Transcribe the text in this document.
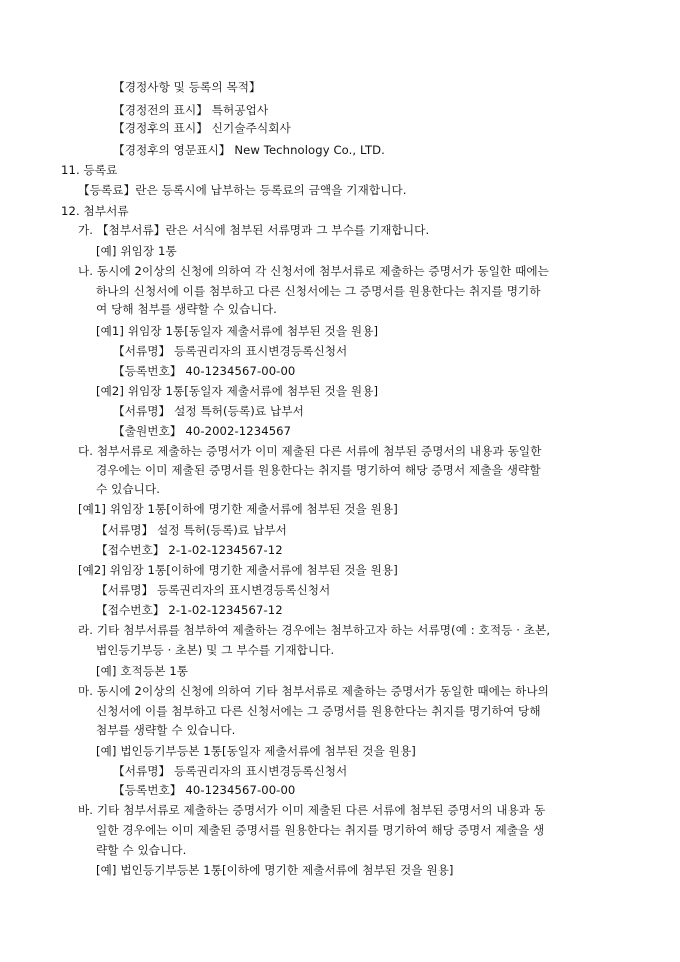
【경정사항 및 등록의 목적】
【경정전의 표시】 특허공업사
【경정후의 표시】 신기술주식회사
【경정후의 영문표시】 New Technology Co., LTD.
11. 등록료
【등록료】란은 등록시에 납부하는 등록료의 금액을 기재합니다.
12. 첨부서류
가. 【첨부서류】란은 서식에 첨부된 서류명과 그 부수를 기재합니다.
[예] 위임장 1통
나. 동시에 2이상의 신청에 의하여 각 신청서에 첨부서류로 제출하는 증명서가 동일한 때에는
하나의 신청서에 이를 첨부하고 다른 신청서에는 그 증명서를 원용한다는 취지를 명기하
여 당해 첨부를 생략할 수 있습니다.
[예1] 위임장 1통[동일자 제출서류에 첨부된 것을 원용]
【서류명】 등록권리자의 표시변경등록신청서
【등록번호】 40-1234567-00-00
[예2] 위임장 1통[동일자 제출서류에 첨부된 것을 원용]
【서류명】 설정 특허(등록)료 납부서
【출원번호】 40-2002-1234567
다. 첨부서류로 제출하는 증명서가 이미 제출된 다른 서류에 첨부된 증명서의 내용과 동일한
경우에는 이미 제출된 증명서를 원용한다는 취지를 명기하여 해당 증명서 제출을 생략할
수 있습니다.
[예1] 위임장 1통[이하에 명기한 제출서류에 첨부된 것을 원용]
【서류명】 설정 특허(등록)료 납부서
【접수번호】 2-1-02-1234567-12
[예2] 위임장 1통[이하에 명기한 제출서류에 첨부된 것을 원용]
【서류명】 등록권리자의 표시변경등록신청서
【접수번호】 2-1-02-1234567-12
라. 기타 첨부서류를 첨부하여 제출하는 경우에는 첨부하고자 하는 서류명(예 : 호적등 · 초본,
법인등기부등 · 초본) 및 그 부수를 기재합니다.
[예] 호적등본 1통
마. 동시에 2이상의 신청에 의하여 기타 첨부서류로 제출하는 증명서가 동일한 때에는 하나의
신청서에 이를 첨부하고 다른 신청서에는 그 증명서를 원용한다는 취지를 명기하여 당해
첨부를 생략할 수 있습니다.
[예] 법인등기부등본 1통[동일자 제출서류에 첨부된 것을 원용]
【서류명】 등록권리자의 표시변경등록신청서
【등록번호】 40-1234567-00-00
바. 기타 첨부서류로 제출하는 증명서가 이미 제출된 다른 서류에 첨부된 증명서의 내용과 동
일한 경우에는 이미 제출된 증명서를 원용한다는 취지를 명기하여 해당 증명서 제출을 생
략할 수 있습니다.
[예] 법인등기부등본 1통[이하에 명기한 제출서류에 첨부된 것을 원용]
